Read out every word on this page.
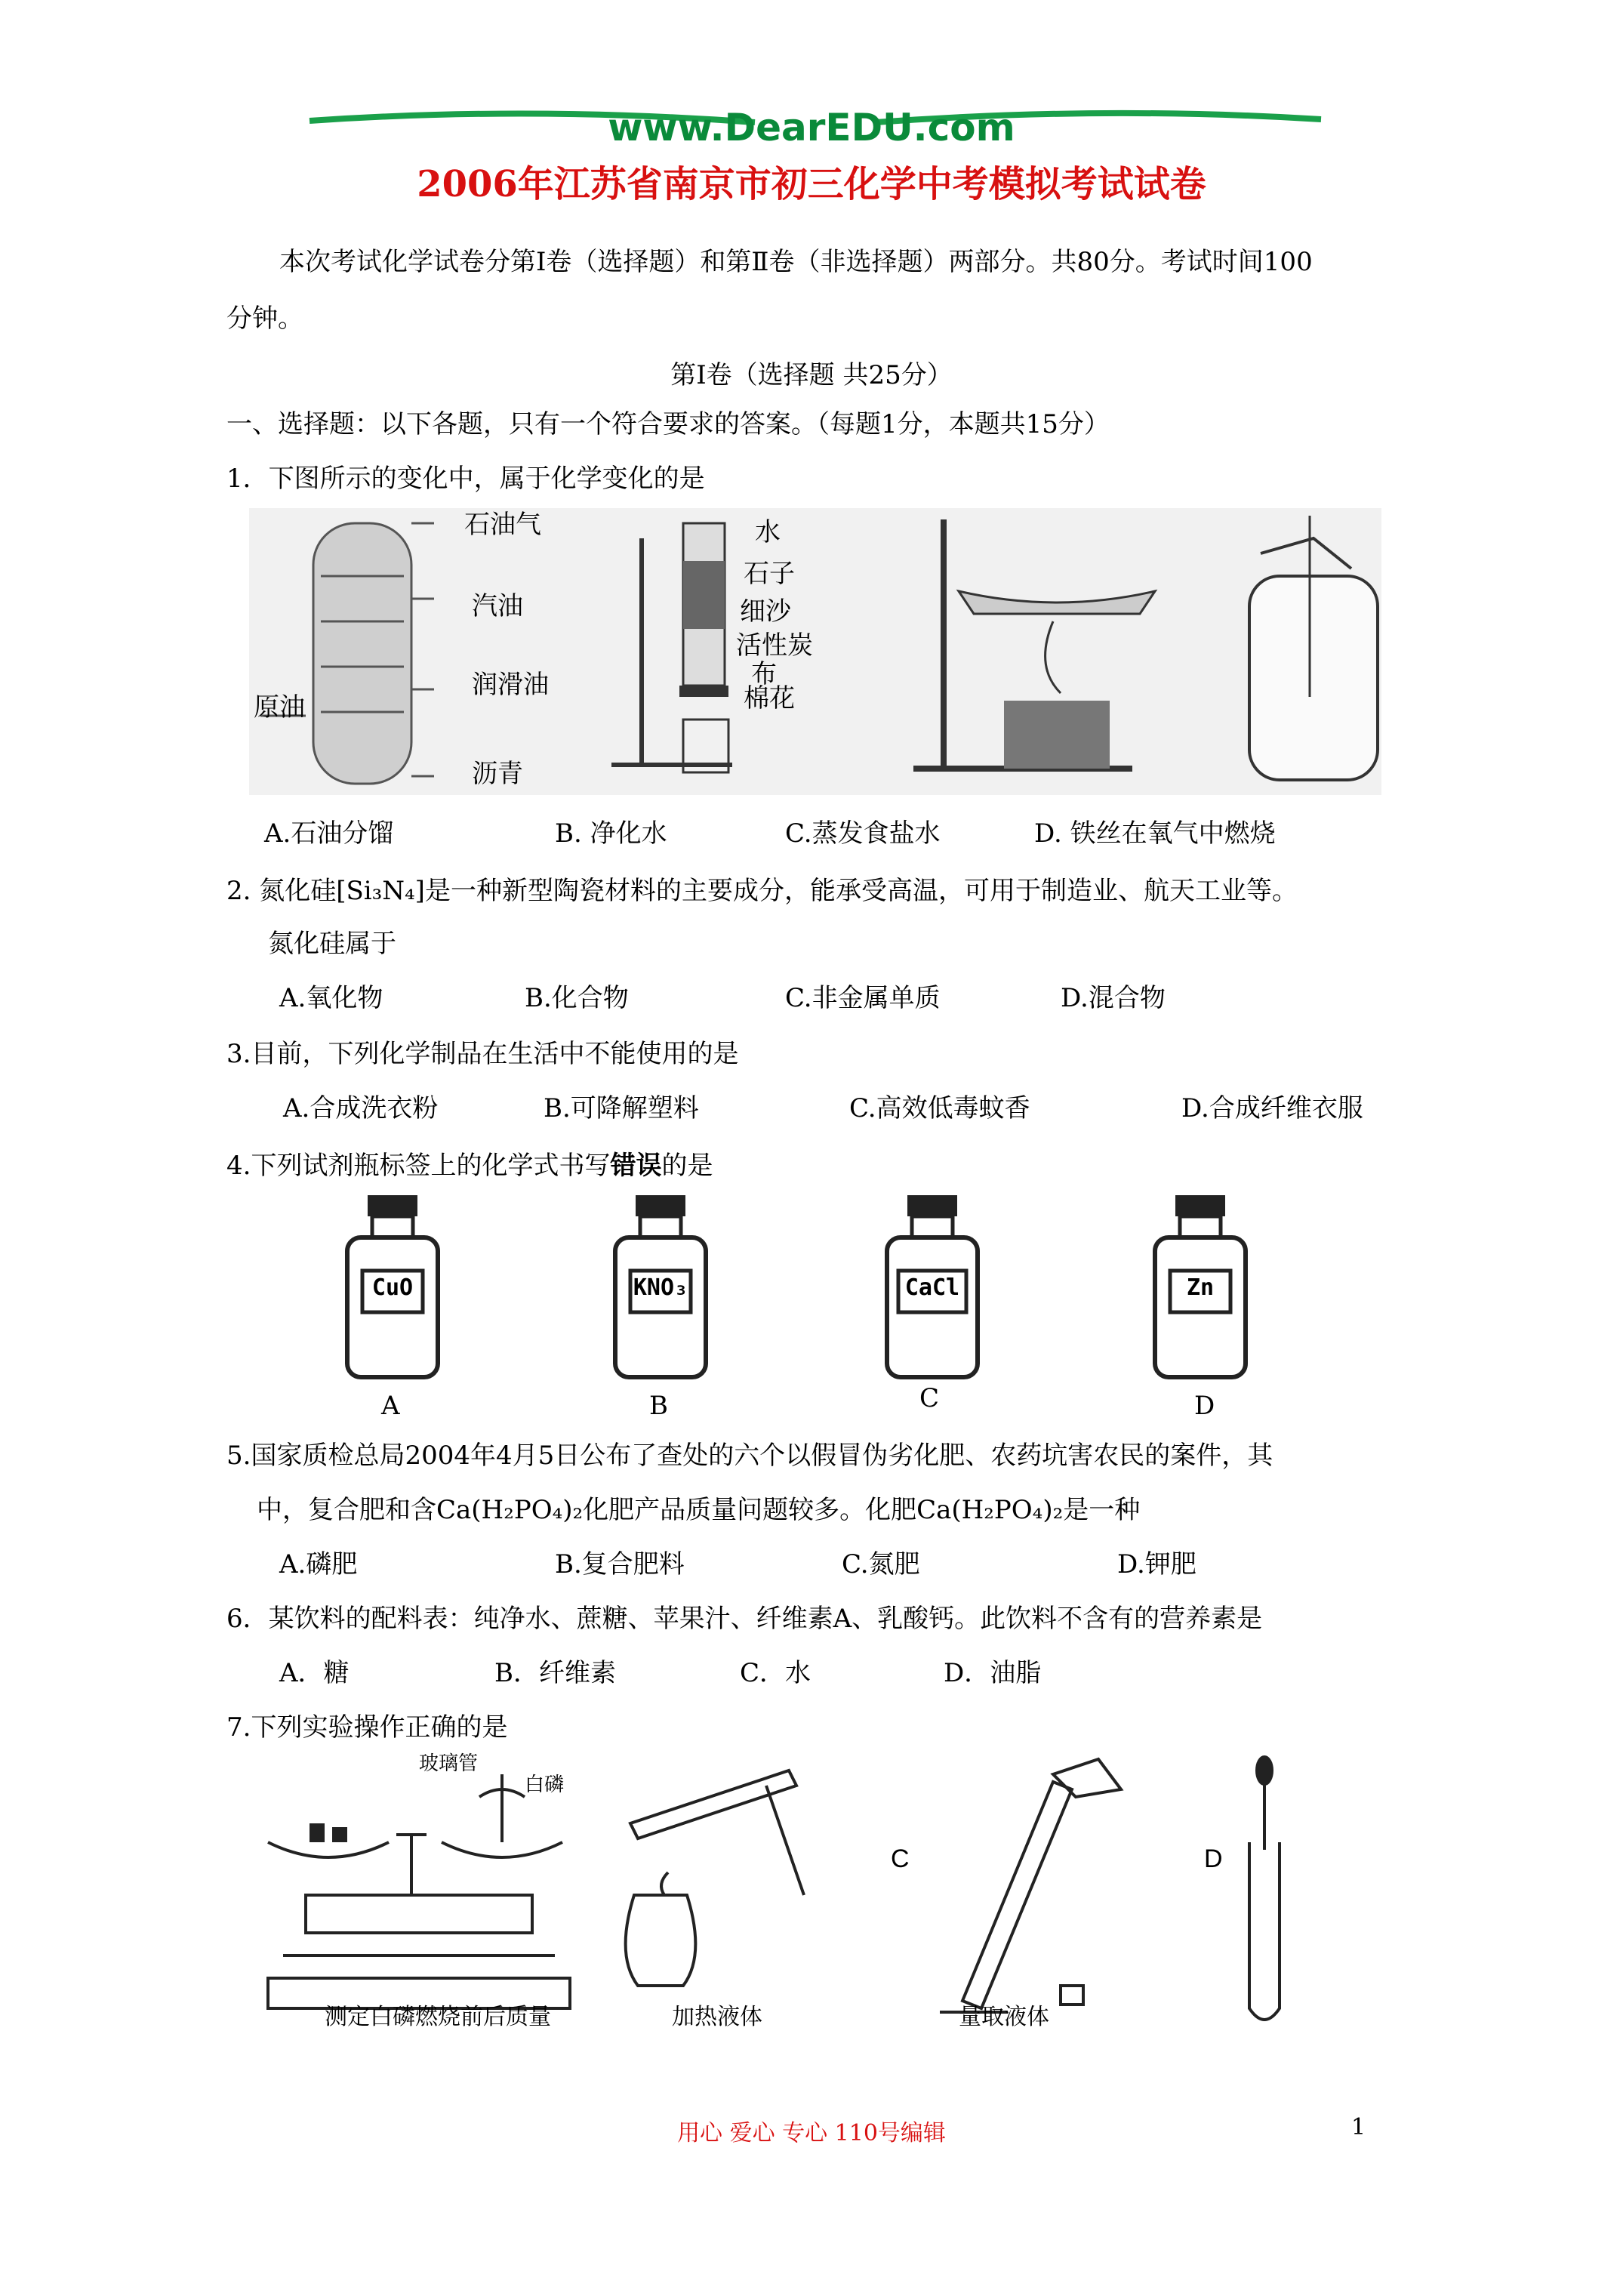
www.DearEDU.com
2006年江苏省南京市初三化学中考模拟考试试卷
本次考试化学试卷分第Ⅰ卷（选择题）和第Ⅱ卷（非选择题）两部分。共80分。考试时间100
分钟。
第Ⅰ卷（选择题 共25分）
一、选择题：以下各题，只有一个符合要求的答案。（每题1分，本题共15分）
1．下图所示的变化中，属于化学变化的是
石油气
汽油
润滑油
原油
沥青
水
石子
细沙
活性炭
布
棉花
A.石油分馏	B. 净化水	C.蒸发食盐水	D. 铁丝在氧气中燃烧
2. 氮化硅[Si₃N₄]是一种新型陶瓷材料的主要成分，能承受高温，可用于制造业、航天工业等。
氮化硅属于
A.氧化物	B.化合物	C.非金属单质	D.混合物
3.目前，下列化学制品在生活中不能使用的是
A.合成洗衣粉	B.可降解塑料	C.高效低毒蚊香	D.合成纤维衣服
4.下列试剂瓶标签上的化学式书写错误的是
CuO
A
KNO₃
B
CaCl
C
Zn
D
5.国家质检总局2004年4月5日公布了查处的六个以假冒伪劣化肥、农药坑害农民的案件，其
中，复合肥和含Ca(H₂PO₄)₂化肥产品质量问题较多。化肥Ca(H₂PO₄)₂是一种
A.磷肥	B.复合肥料	C.氮肥	D.钾肥
6．某饮料的配料表：纯净水、蔗糖、苹果汁、纤维素A、乳酸钙。此饮料不含有的营养素是
A．糖	B．纤维素	C．水	D．油脂
7.下列实验操作正确的是
玻璃管
白磷
C	D
测定白磷燃烧前后质量	加热液体	量取液体
用心 爱心 专心 110号编辑	1
